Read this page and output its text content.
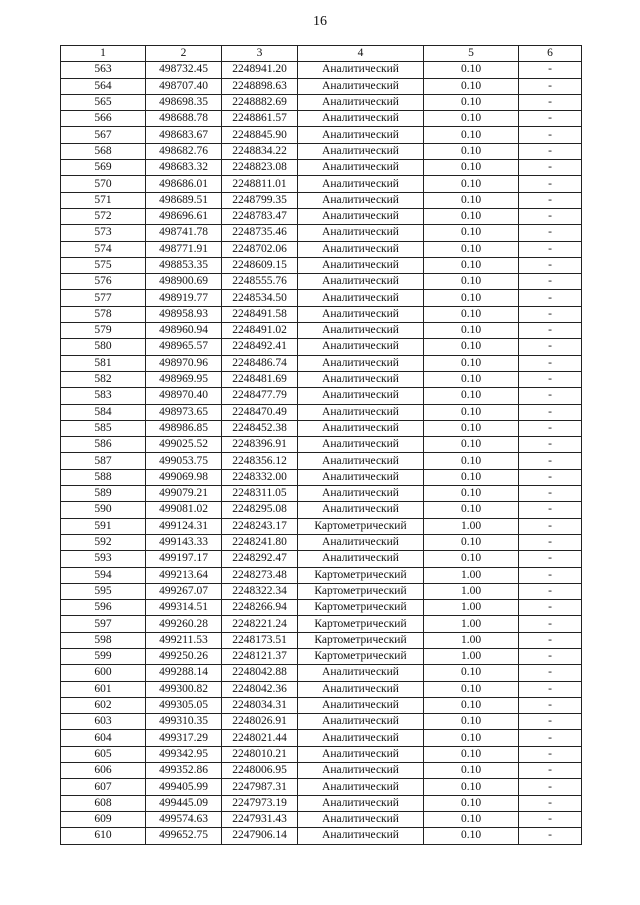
16
1	2	3	4	5	6
563	498732.45	2248941.20	Аналитический	0.10	-
564	498707.40	2248898.63	Аналитический	0.10	-
565	498698.35	2248882.69	Аналитический	0.10	-
566	498688.78	2248861.57	Аналитический	0.10	-
567	498683.67	2248845.90	Аналитический	0.10	-
568	498682.76	2248834.22	Аналитический	0.10	-
569	498683.32	2248823.08	Аналитический	0.10	-
570	498686.01	2248811.01	Аналитический	0.10	-
571	498689.51	2248799.35	Аналитический	0.10	-
572	498696.61	2248783.47	Аналитический	0.10	-
573	498741.78	2248735.46	Аналитический	0.10	-
574	498771.91	2248702.06	Аналитический	0.10	-
575	498853.35	2248609.15	Аналитический	0.10	-
576	498900.69	2248555.76	Аналитический	0.10	-
577	498919.77	2248534.50	Аналитический	0.10	-
578	498958.93	2248491.58	Аналитический	0.10	-
579	498960.94	2248491.02	Аналитический	0.10	-
580	498965.57	2248492.41	Аналитический	0.10	-
581	498970.96	2248486.74	Аналитический	0.10	-
582	498969.95	2248481.69	Аналитический	0.10	-
583	498970.40	2248477.79	Аналитический	0.10	-
584	498973.65	2248470.49	Аналитический	0.10	-
585	498986.85	2248452.38	Аналитический	0.10	-
586	499025.52	2248396.91	Аналитический	0.10	-
587	499053.75	2248356.12	Аналитический	0.10	-
588	499069.98	2248332.00	Аналитический	0.10	-
589	499079.21	2248311.05	Аналитический	0.10	-
590	499081.02	2248295.08	Аналитический	0.10	-
591	499124.31	2248243.17	Картометрический	1.00	-
592	499143.33	2248241.80	Аналитический	0.10	-
593	499197.17	2248292.47	Аналитический	0.10	-
594	499213.64	2248273.48	Картометрический	1.00	-
595	499267.07	2248322.34	Картометрический	1.00	-
596	499314.51	2248266.94	Картометрический	1.00	-
597	499260.28	2248221.24	Картометрический	1.00	-
598	499211.53	2248173.51	Картометрический	1.00	-
599	499250.26	2248121.37	Картометрический	1.00	-
600	499288.14	2248042.88	Аналитический	0.10	-
601	499300.82	2248042.36	Аналитический	0.10	-
602	499305.05	2248034.31	Аналитический	0.10	-
603	499310.35	2248026.91	Аналитический	0.10	-
604	499317.29	2248021.44	Аналитический	0.10	-
605	499342.95	2248010.21	Аналитический	0.10	-
606	499352.86	2248006.95	Аналитический	0.10	-
607	499405.99	2247987.31	Аналитический	0.10	-
608	499445.09	2247973.19	Аналитический	0.10	-
609	499574.63	2247931.43	Аналитический	0.10	-
610	499652.75	2247906.14	Аналитический	0.10	-
